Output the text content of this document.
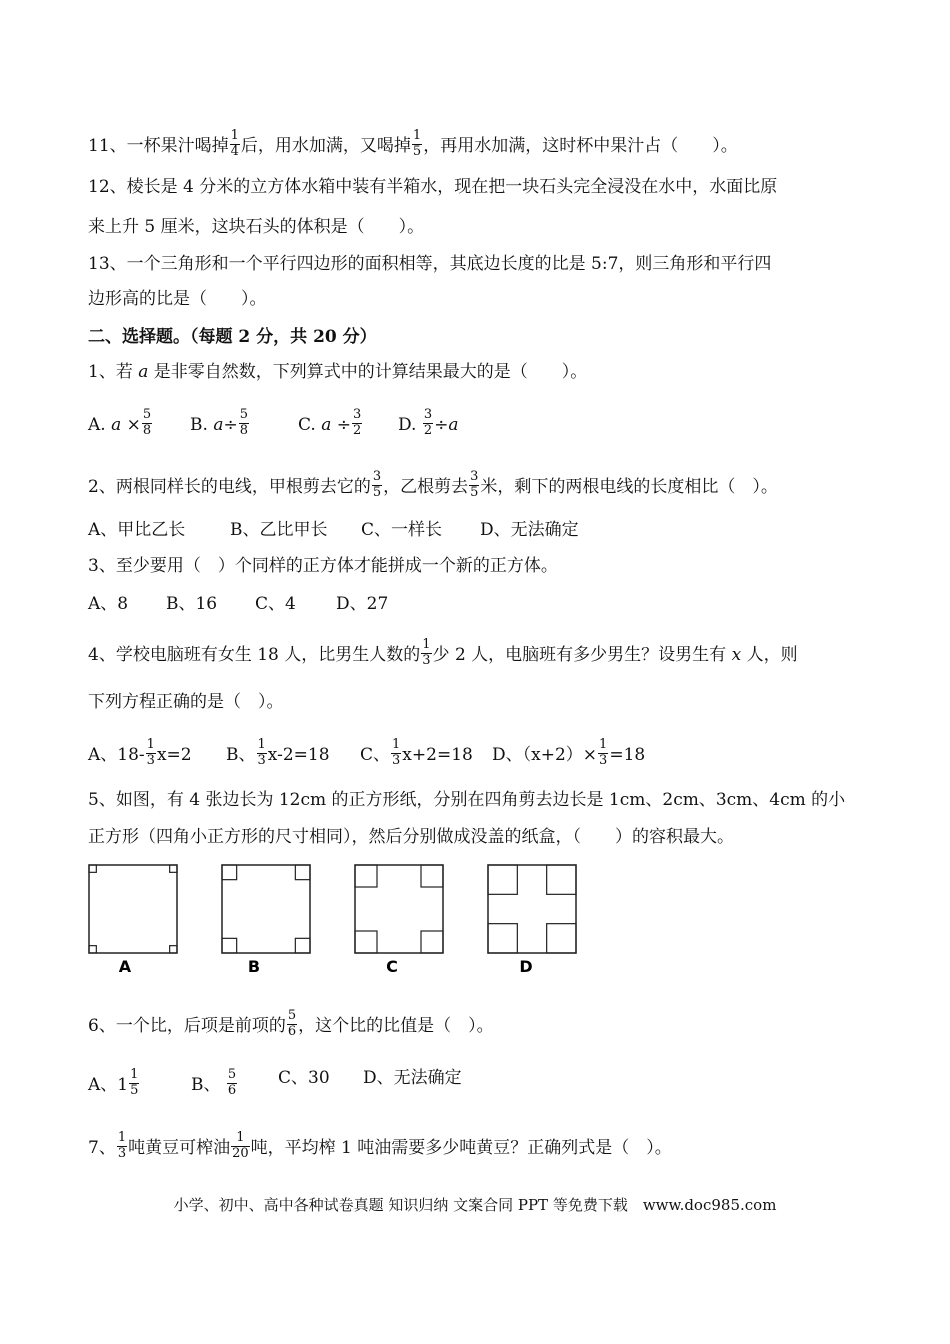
11、一杯果汁喝掉 $\frac{1}{4}$ 后，用水加满，又喝掉 $\frac{1}{5}$ ，再用水加满，这时杯中果汁占（　　）。
12、棱长是 4 分米的立方体水箱中装有半箱水，现在把一块石头完全浸没在水中，水面比原
来上升 5 厘米，这块石头的体积是（　　）。
13、一个三角形和一个平行四边形的面积相等，其底边长度的比是 5:7，则三角形和平行四
边形高的比是（　　）。
二、选择题。（每题 2 分，共 20 分）
1、若 a 是非零自然数，下列算式中的计算结果最大的是（　　）。
A. $a \times \frac{5}{8} B$. $a\div \frac{5}{8}$	C. $a \div \frac{3}{2} D$. $\frac{3}{2} \div a$
2、两根同样长的电线，甲根剪去它的 $\frac{3}{5}$ ，乙根剪去 $\frac{3}{5}$ 米，剩下的两根电线的长度相比（　）。
A、甲比乙长	B、乙比甲长 C、一样长 D、无法确定
3、至少要用（　）个同样的正方体才能拼成一个新的正方体。
A、8 B、16 C、4 D、27
4、学校电脑班有女生 18 人，比男生人数的 $\frac{1}{3}$ 少 2 人，电脑班有多少男生？设男生有 x 人，则
下列方程正确的是（　）。
A、$18- \frac{1}{3} x=2$ B、 $\frac{1}{3} x-2=18$ C、 $\frac{1}{3} x+2=18$ D、$(x+2)\times \frac{1}{3} =18$
5、如图，有 4 张边长为 12cm 的正方形纸，分别在四角剪去边长是 1cm、2cm、3cm、4cm 的小
正方形（四角小正方形的尺寸相同），然后分别做成没盖的纸盒，（　　）的容积最大。
A	B	C	D
6、一个比，后项是前项的 $\frac{5}{6}$ ，这个比的比值是（　）。
A、$1 \frac{1}{5}$	B、 $\frac{5}{6}$ C、30 D、无法确定
7、 $\frac{1}{3}$ 吨黄豆可榨油 $\frac{1}{20}$ 吨，平均榨 1 吨油需要多少吨黄豆？正确列式是（　）。
小学、初中、高中各种试卷真题 知识归纳 文案合同 PPT 等免费下载　www.doc985.com
